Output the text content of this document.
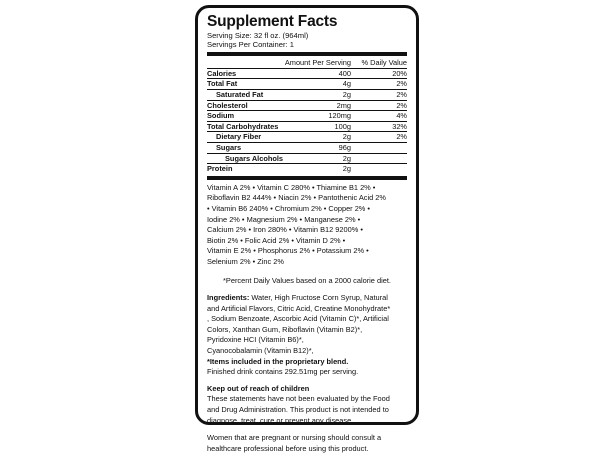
Supplement Facts
Serving Size: 32 fl oz. (964ml)
Servings Per Container: 1
Amount Per Serving	% Daily Value
Calories	400	20%
Total Fat	4g	2%
Saturated Fat	2g	2%
Cholesterol	2mg	2%
Sodium	120mg	4%
Total Carbohydrates	100g	32%
Dietary Fiber	2g	2%
Sugars	96g
Sugars Alcohols	2g
Protein	2g
Vitamin A 2% • Vitamin C 280% • Thiamine B1 2% •
Riboflavin B2 444% • Niacin 2% • Pantothenic Acid 2%
• Vitamin B6 240% • Chromium 2% • Copper 2% •
Iodine 2% • Magnesium 2% • Manganese 2% •
Calcium 2% • Iron 280% • Vitamin B12 9200% •
Biotin 2% • Folic Acid 2% • Vitamin D 2% •
Vitamin E 2% • Phosphorus 2% • Potassium 2% •
Selenium 2% • Zinc 2%
*Percent Daily Values based on a 2000 calorie diet.
Ingredients: Water, High Fructose Corn Syrup, Natural
and Artificial Flavors, Citric Acid, Creatine Monohydrate*
, Sodium Benzoate, Ascorbic Acid (Vitamin C)*, Artificial
Colors, Xanthan Gum, Riboflavin (Vitamin B2)*,
Pyridoxine HCI (Vitamin B6)*,
Cyanocobalamin (Vitamin B12)*,
*Items included in the proprietary blend.
Finished drink contains 292.51mg per serving.
Keep out of reach of children
These statements have not been evaluated by the Food
and Drug Administration. This product is not intended to
diagnose, treat, cure or prevent any disease
Women that are pregnant or nursing should consult a
healthcare professional before using this product.
